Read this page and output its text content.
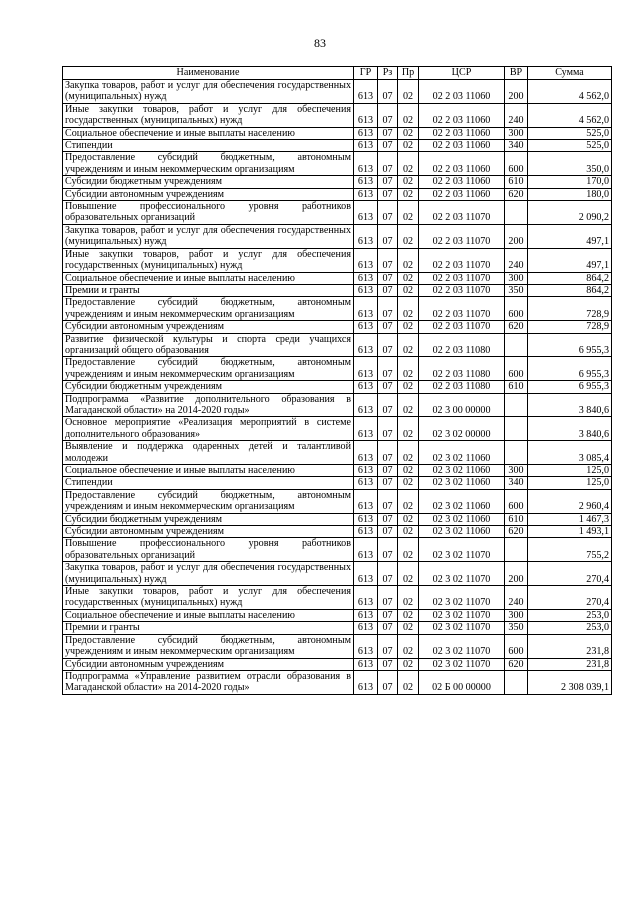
83
Наименование	ГР	Рз	Пр	ЦСР	ВР	Сумма
Закупка товаров, работ и услуг для обеспечения государственных (муниципальных) нужд	613	07	02	02 2 03 11060	200	4 562,0
Иные закупки товаров, работ и услуг для обеспечения государственных (муниципальных) нужд	613	07	02	02 2 03 11060	240	4 562,0
Социальное обеспечение и иные выплаты населению	613	07	02	02 2 03 11060	300	525,0
Стипендии	613	07	02	02 2 03 11060	340	525,0
Предоставление субсидий бюджетным, автономным учреждениям и иным некоммерческим организациям	613	07	02	02 2 03 11060	600	350,0
Субсидии бюджетным учреждениям	613	07	02	02 2 03 11060	610	170,0
Субсидии автономным учреждениям	613	07	02	02 2 03 11060	620	180,0
Повышение профессионального уровня работников образовательных организаций	613	07	02	02 2 03 11070		2 090,2
Закупка товаров, работ и услуг для обеспечения государственных (муниципальных) нужд	613	07	02	02 2 03 11070	200	497,1
Иные закупки товаров, работ и услуг для обеспечения государственных (муниципальных) нужд	613	07	02	02 2 03 11070	240	497,1
Социальное обеспечение и иные выплаты населению	613	07	02	02 2 03 11070	300	864,2
Премии и гранты	613	07	02	02 2 03 11070	350	864,2
Предоставление субсидий бюджетным, автономным учреждениям и иным некоммерческим организациям	613	07	02	02 2 03 11070	600	728,9
Субсидии автономным учреждениям	613	07	02	02 2 03 11070	620	728,9
Развитие физической культуры и спорта среди учащихся организаций общего образования	613	07	02	02 2 03 11080		6 955,3
Предоставление субсидий бюджетным, автономным учреждениям и иным некоммерческим организациям	613	07	02	02 2 03 11080	600	6 955,3
Субсидии бюджетным учреждениям	613	07	02	02 2 03 11080	610	6 955,3
Подпрограмма «Развитие дополнительного образования в Магаданской области» на 2014-2020 годы»	613	07	02	02 3 00 00000		3 840,6
Основное мероприятие «Реализация мероприятий в системе дополнительного образования»	613	07	02	02 3 02 00000		3 840,6
Выявление и поддержка одаренных детей и талантливой молодежи	613	07	02	02 3 02 11060		3 085,4
Социальное обеспечение и иные выплаты населению	613	07	02	02 3 02 11060	300	125,0
Стипендии	613	07	02	02 3 02 11060	340	125,0
Предоставление субсидий бюджетным, автономным учреждениям и иным некоммерческим организациям	613	07	02	02 3 02 11060	600	2 960,4
Субсидии бюджетным учреждениям	613	07	02	02 3 02 11060	610	1 467,3
Субсидии автономным учреждениям	613	07	02	02 3 02 11060	620	1 493,1
Повышение профессионального уровня работников образовательных организаций	613	07	02	02 3 02 11070		755,2
Закупка товаров, работ и услуг для обеспечения государственных (муниципальных) нужд	613	07	02	02 3 02 11070	200	270,4
Иные закупки товаров, работ и услуг для обеспечения государственных (муниципальных) нужд	613	07	02	02 3 02 11070	240	270,4
Социальное обеспечение и иные выплаты населению	613	07	02	02 3 02 11070	300	253,0
Премии и гранты	613	07	02	02 3 02 11070	350	253,0
Предоставление субсидий бюджетным, автономным учреждениям и иным некоммерческим организациям	613	07	02	02 3 02 11070	600	231,8
Субсидии автономным учреждениям	613	07	02	02 3 02 11070	620	231,8
Подпрограмма «Управление развитием отрасли образования в Магаданской области» на 2014-2020 годы»	613	07	02	02 Б 00 00000		2 308 039,1
